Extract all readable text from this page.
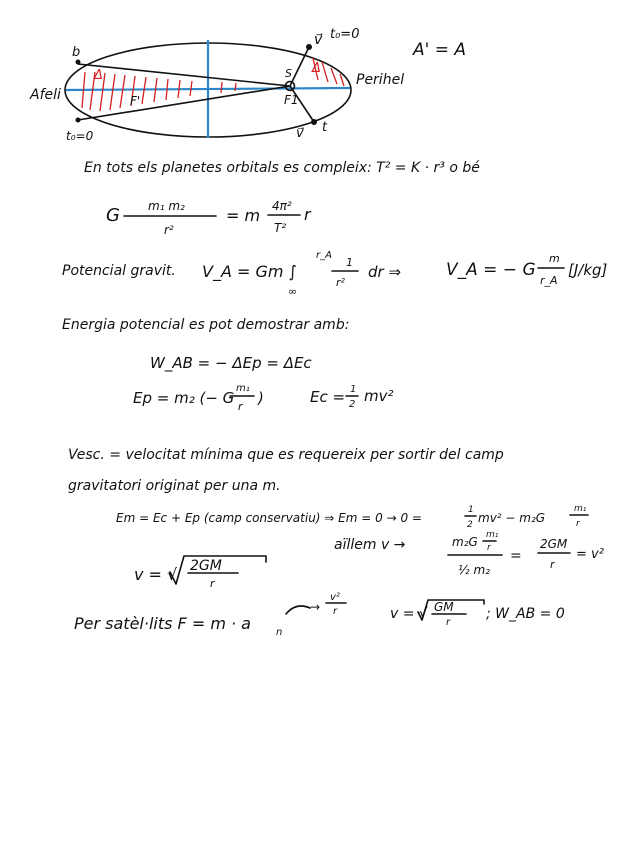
b
t₀=0
Afeli
Perihel
F'	F1
S
v⃗ t₀=0
t
v⃗
Δ	Δ
A' = A
En tots els planetes orbitals es compleix: T² = K · r³ o bé
G m₁ m₂
r²
= m 4π²
T²
r
Potencial gravit. V_A = Gm ∫
r_A
∞
1
r²
dr ⇒	V_A = − G
m
r_A
[J/kg]
Energia potencial es pot demostrar amb:
W_AB = − ΔEp = ΔEc
Ep = m₂ (− G
m₁
r )	Ec = 1
2 mv²
Vesc. = velocitat mínima que es requereix per sortir del camp
gravitatori originat per una m.
Em = Ec + Ep (camp conservatiu) ⇒ Em = 0 → 0 =
1
2 mv² − m₂G
m₁
r
v = √ 2GM
r
aïllem v →	m₂G m₁
r
½ m₂
=
2GM
r
= v²
Per satèl·lits F = m · a	n
→
v²
r	v = √ GM
r
; W_AB = 0
